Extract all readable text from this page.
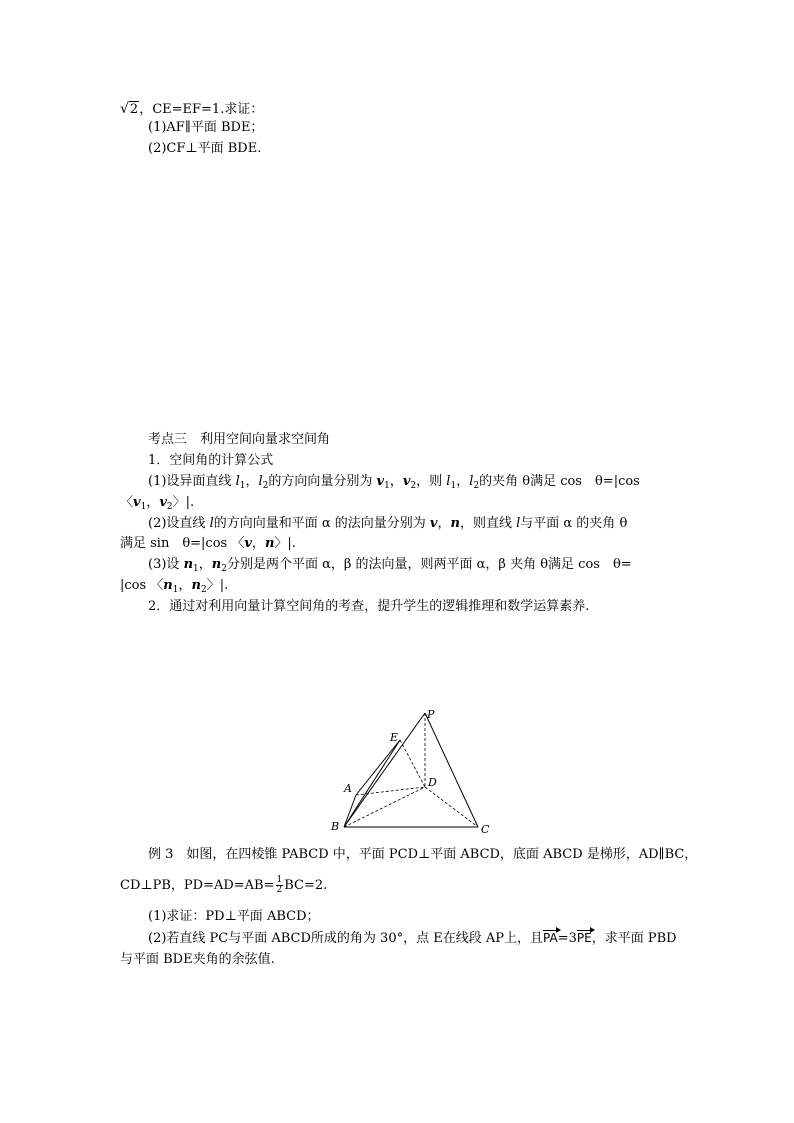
√2，CE=EF=1.求证：
(1)AF∥平面 BDE；
(2)CF⊥平面 BDE.
考点三　利用空间向量求空间角
1．空间角的计算公式
(1)设异面直线 $l_1$，$l_2$的方向向量分别为 $v_1$，$v_2$，则 $l_1$，$l_2$的夹角 θ满足 cos　θ=|cos
〈$v_1$，$v_2$〉|.
(2)设直线 l的方向向量和平面 α 的法向量分别为 v，n，则直线 l与平面 α 的夹角 θ
满足 sin　θ=|cos 〈v，n〉|.
(3)设 $n_1$，$n_2$分别是两个平面 α，β 的法向量，则两平面 α，β 夹角 θ满足 cos　θ=
|cos 〈$n_1$，$n_2$〉|.
2．通过对利用向量计算空间角的考查，提升学生的逻辑推理和数学运算素养.
P
E
A	D
B	C
例 3　如图，在四棱锥 PABCD 中，平面 PCD⊥平面 ABCD，底面 ABCD 是梯形，AD∥BC，
CD⊥PB，$PD=AD=AB= \frac{1}{2} BC=2$.
(1)求证：PD⊥平面 ABCD；
(2)若直线 PC与平面 ABCD所成的角为 30°，点 E在线段 AP上，且PA=3PE，求平面 PBD
与平面 BDE夹角的余弦值.
